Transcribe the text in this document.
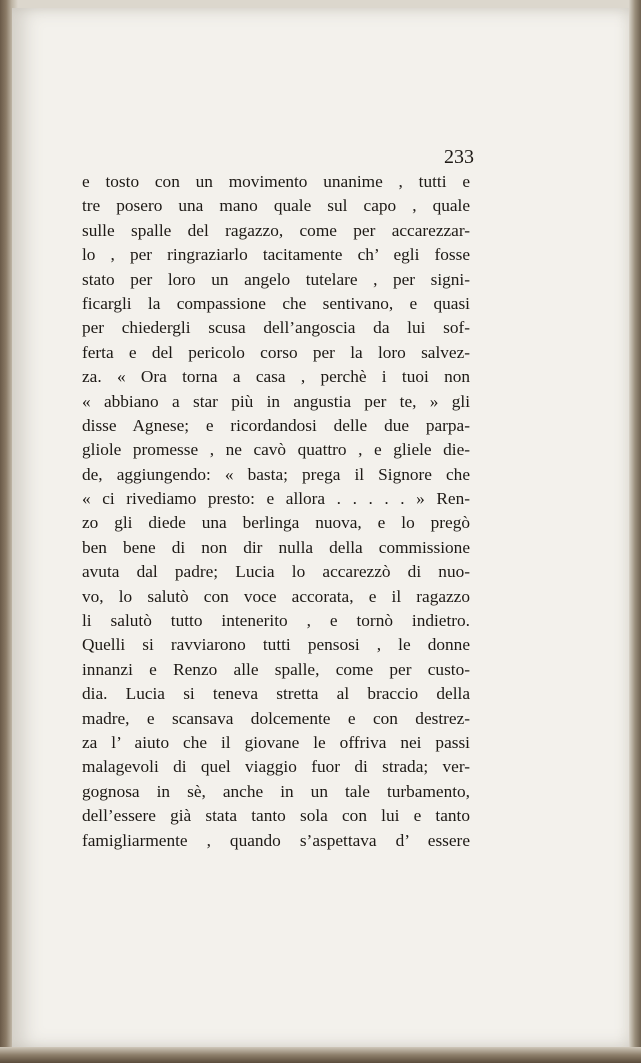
233
e tosto con un movimento unanime , tutti e
tre posero una mano quale sul capo , quale
sulle spalle del ragazzo, come per accarezzar-
lo , per ringraziarlo tacitamente ch’ egli fosse
stato per loro un angelo tutelare , per signi-
ficargli la compassione che sentivano, e quasi
per chiedergli scusa dell’angoscia da lui sof-
ferta e del pericolo corso per la loro salvez-
za. « Ora torna a casa , perchè i tuoi non
« abbiano a star più in angustia per te, » gli
disse Agnese; e ricordandosi delle due parpa-
gliole promesse , ne cavò quattro , e gliele die-
de, aggiungendo: « basta; prega il Signore che
« ci rivediamo presto: e allora . . . . . » Ren-
zo gli diede una berlinga nuova, e lo pregò
ben bene di non dir nulla della commissione
avuta dal padre; Lucia lo accarezzò di nuo-
vo, lo salutò con voce accorata, e il ragazzo
li salutò tutto intenerito , e tornò indietro.
Quelli si ravviarono tutti pensosi , le donne
innanzi e Renzo alle spalle, come per custo-
dia. Lucia si teneva stretta al braccio della
madre, e scansava dolcemente e con destrez-
za l’ aiuto che il giovane le offriva nei passi
malagevoli di quel viaggio fuor di strada; ver-
gognosa in sè, anche in un tale turbamento,
dell’essere già stata tanto sola con lui e tanto
famigliarmente , quando s’aspettava d’ essere
